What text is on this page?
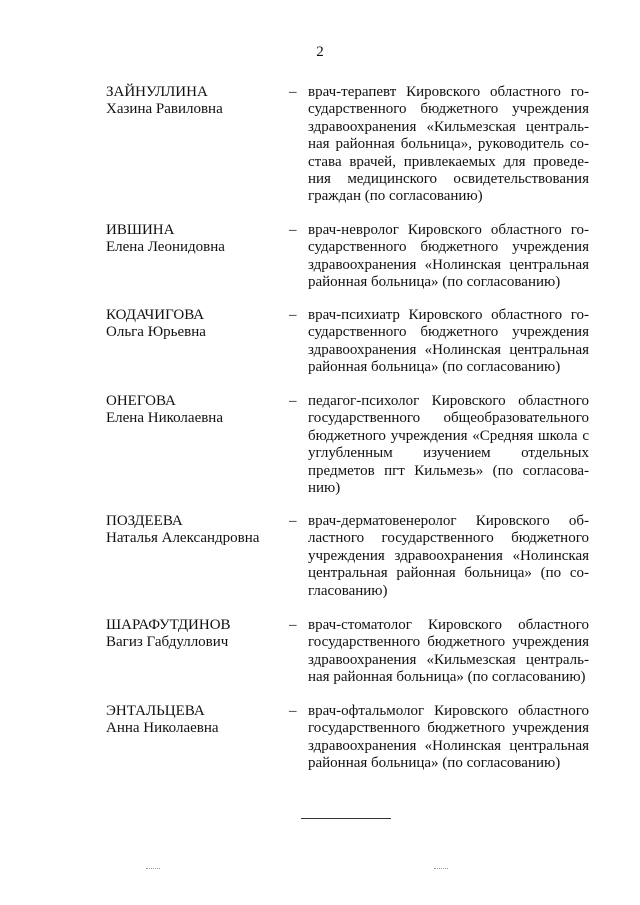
2
ЗАЙНУЛЛИНА
Хазина Равиловна
– врач-терапевт Кировского областного государственного бюджетного учреждения здравоохранения «Кильмезская центральная районная больница», руководитель состава врачей, привлекаемых для проведения медицинского освидетельствования граждан (по согласованию)
ИВШИНА
Елена Леонидовна
– врач-невролог Кировского областного государственного бюджетного учреждения здравоохранения «Нолинская центральная районная больница» (по согласованию)
КОДАЧИГОВА
Ольга Юрьевна
– врач-психиатр Кировского областного государственного бюджетного учреждения здравоохранения «Нолинская центральная районная больница» (по согласованию)
ОНЕГОВА
Елена Николаевна
– педагог-психолог Кировского областного государственного общеобразовательного бюджетного учреждения «Средняя школа с углубленным изучением отдельных предметов пгт Кильмезь» (по согласованию)
ПОЗДЕЕВА
Наталья Александровна
– врач-дерматовенеролог Кировского областного государственного бюджетного учреждения здравоохранения «Нолинская центральная районная больница» (по согласованию)
ШАРАФУТДИНОВ
Вагиз Габдуллович
– врач-стоматолог Кировского областного государственного бюджетного учреждения здравоохранения «Кильмезская центральная районная больница» (по согласованию)
ЭНТАЛЬЦЕВА
Анна Николаевна
– врач-офтальмолог Кировского областного государственного бюджетного учреждения здравоохранения «Нолинская центральная районная больница» (по согласованию)
